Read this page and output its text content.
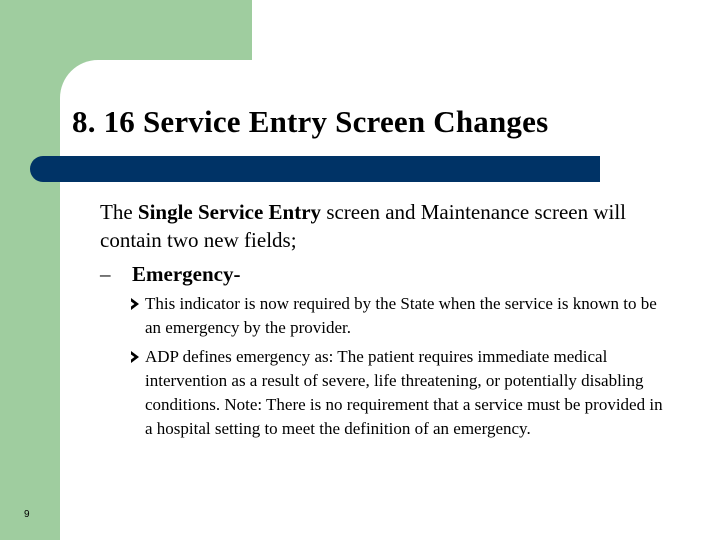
8. 16 Service Entry Screen Changes

The Single Service Entry screen and Maintenance screen will contain two new fields;

– Emergency-

This indicator is now required by the State when the service is known to be an emergency by the provider.

ADP defines emergency as: The patient requires immediate medical intervention as a result of severe, life threatening, or potentially disabling conditions. Note: There is no requirement that a service must be provided in a hospital setting to meet the definition of an emergency.

9
